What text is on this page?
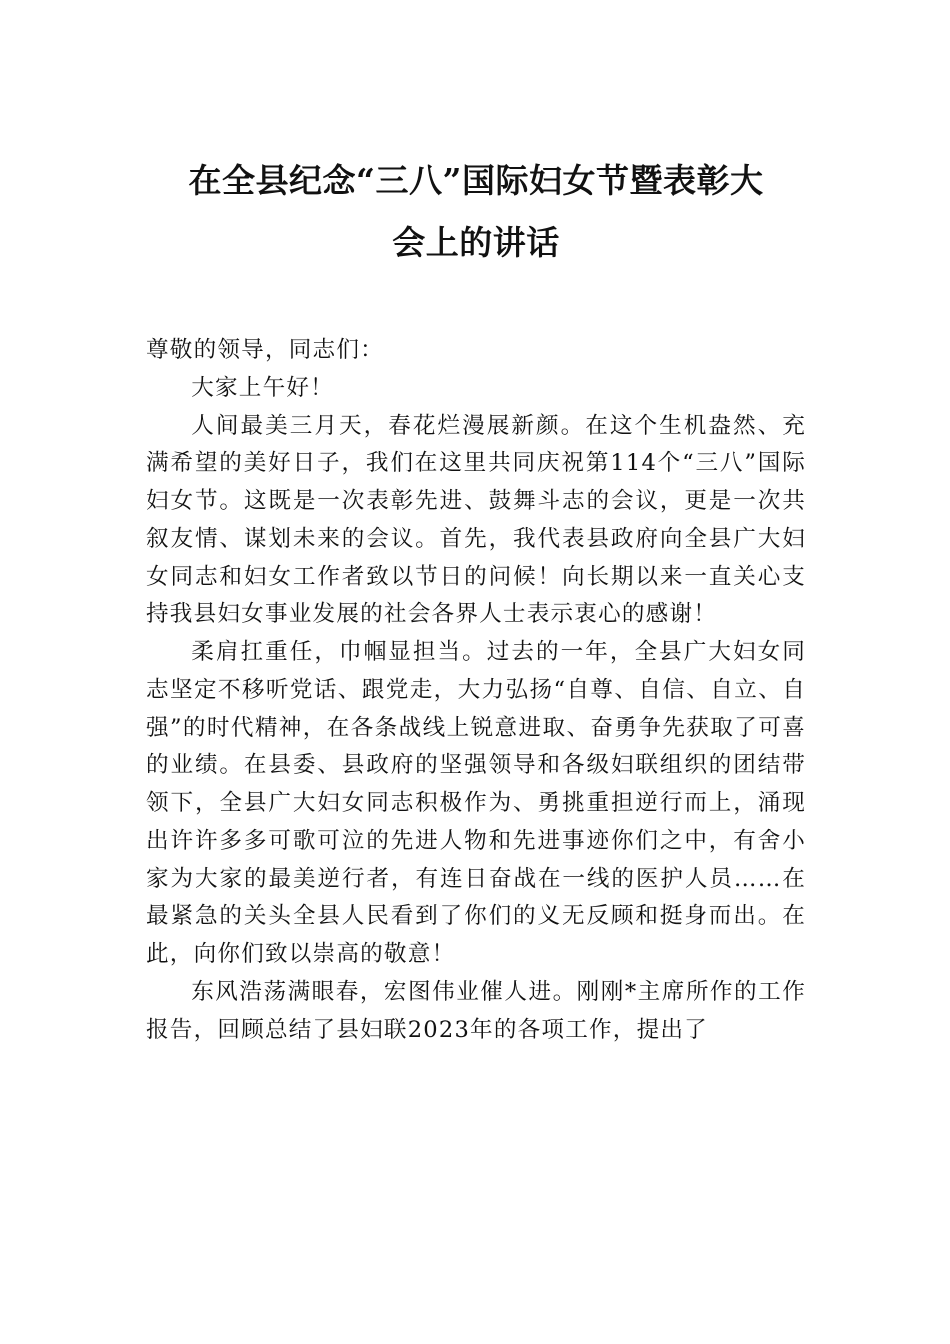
在全县纪念“三八”国际妇女节暨表彰大
会上的讲话

尊敬的领导，同志们：

大家上午好！

人间最美三月天，春花烂漫展新颜。在这个生机盎然、充满希望的美好日子，我们在这里共同庆祝第114个“三八”国际妇女节。这既是一次表彰先进、鼓舞斗志的会议，更是一次共叙友情、谋划未来的会议。首先，我代表县政府向全县广大妇女同志和妇女工作者致以节日的问候！向长期以来一直关心支持我县妇女事业发展的社会各界人士表示衷心的感谢！

柔肩扛重任，巾帼显担当。过去的一年，全县广大妇女同志坚定不移听党话、跟党走，大力弘扬“自尊、自信、自立、自强”的时代精神，在各条战线上锐意进取、奋勇争先获取了可喜的业绩。在县委、县政府的坚强领导和各级妇联组织的团结带领下，全县广大妇女同志积极作为、勇挑重担逆行而上，涌现出许许多多可歌可泣的先进人物和先进事迹你们之中，有舍小家为大家的最美逆行者，有连日奋战在一线的医护人员……在最紧急的关头全县人民看到了你们的义无反顾和挺身而出。在此，向你们致以崇高的敬意！

东风浩荡满眼春，宏图伟业催人进。刚刚*主席所作的工作报告，回顾总结了县妇联2023年的各项工作，提出了
